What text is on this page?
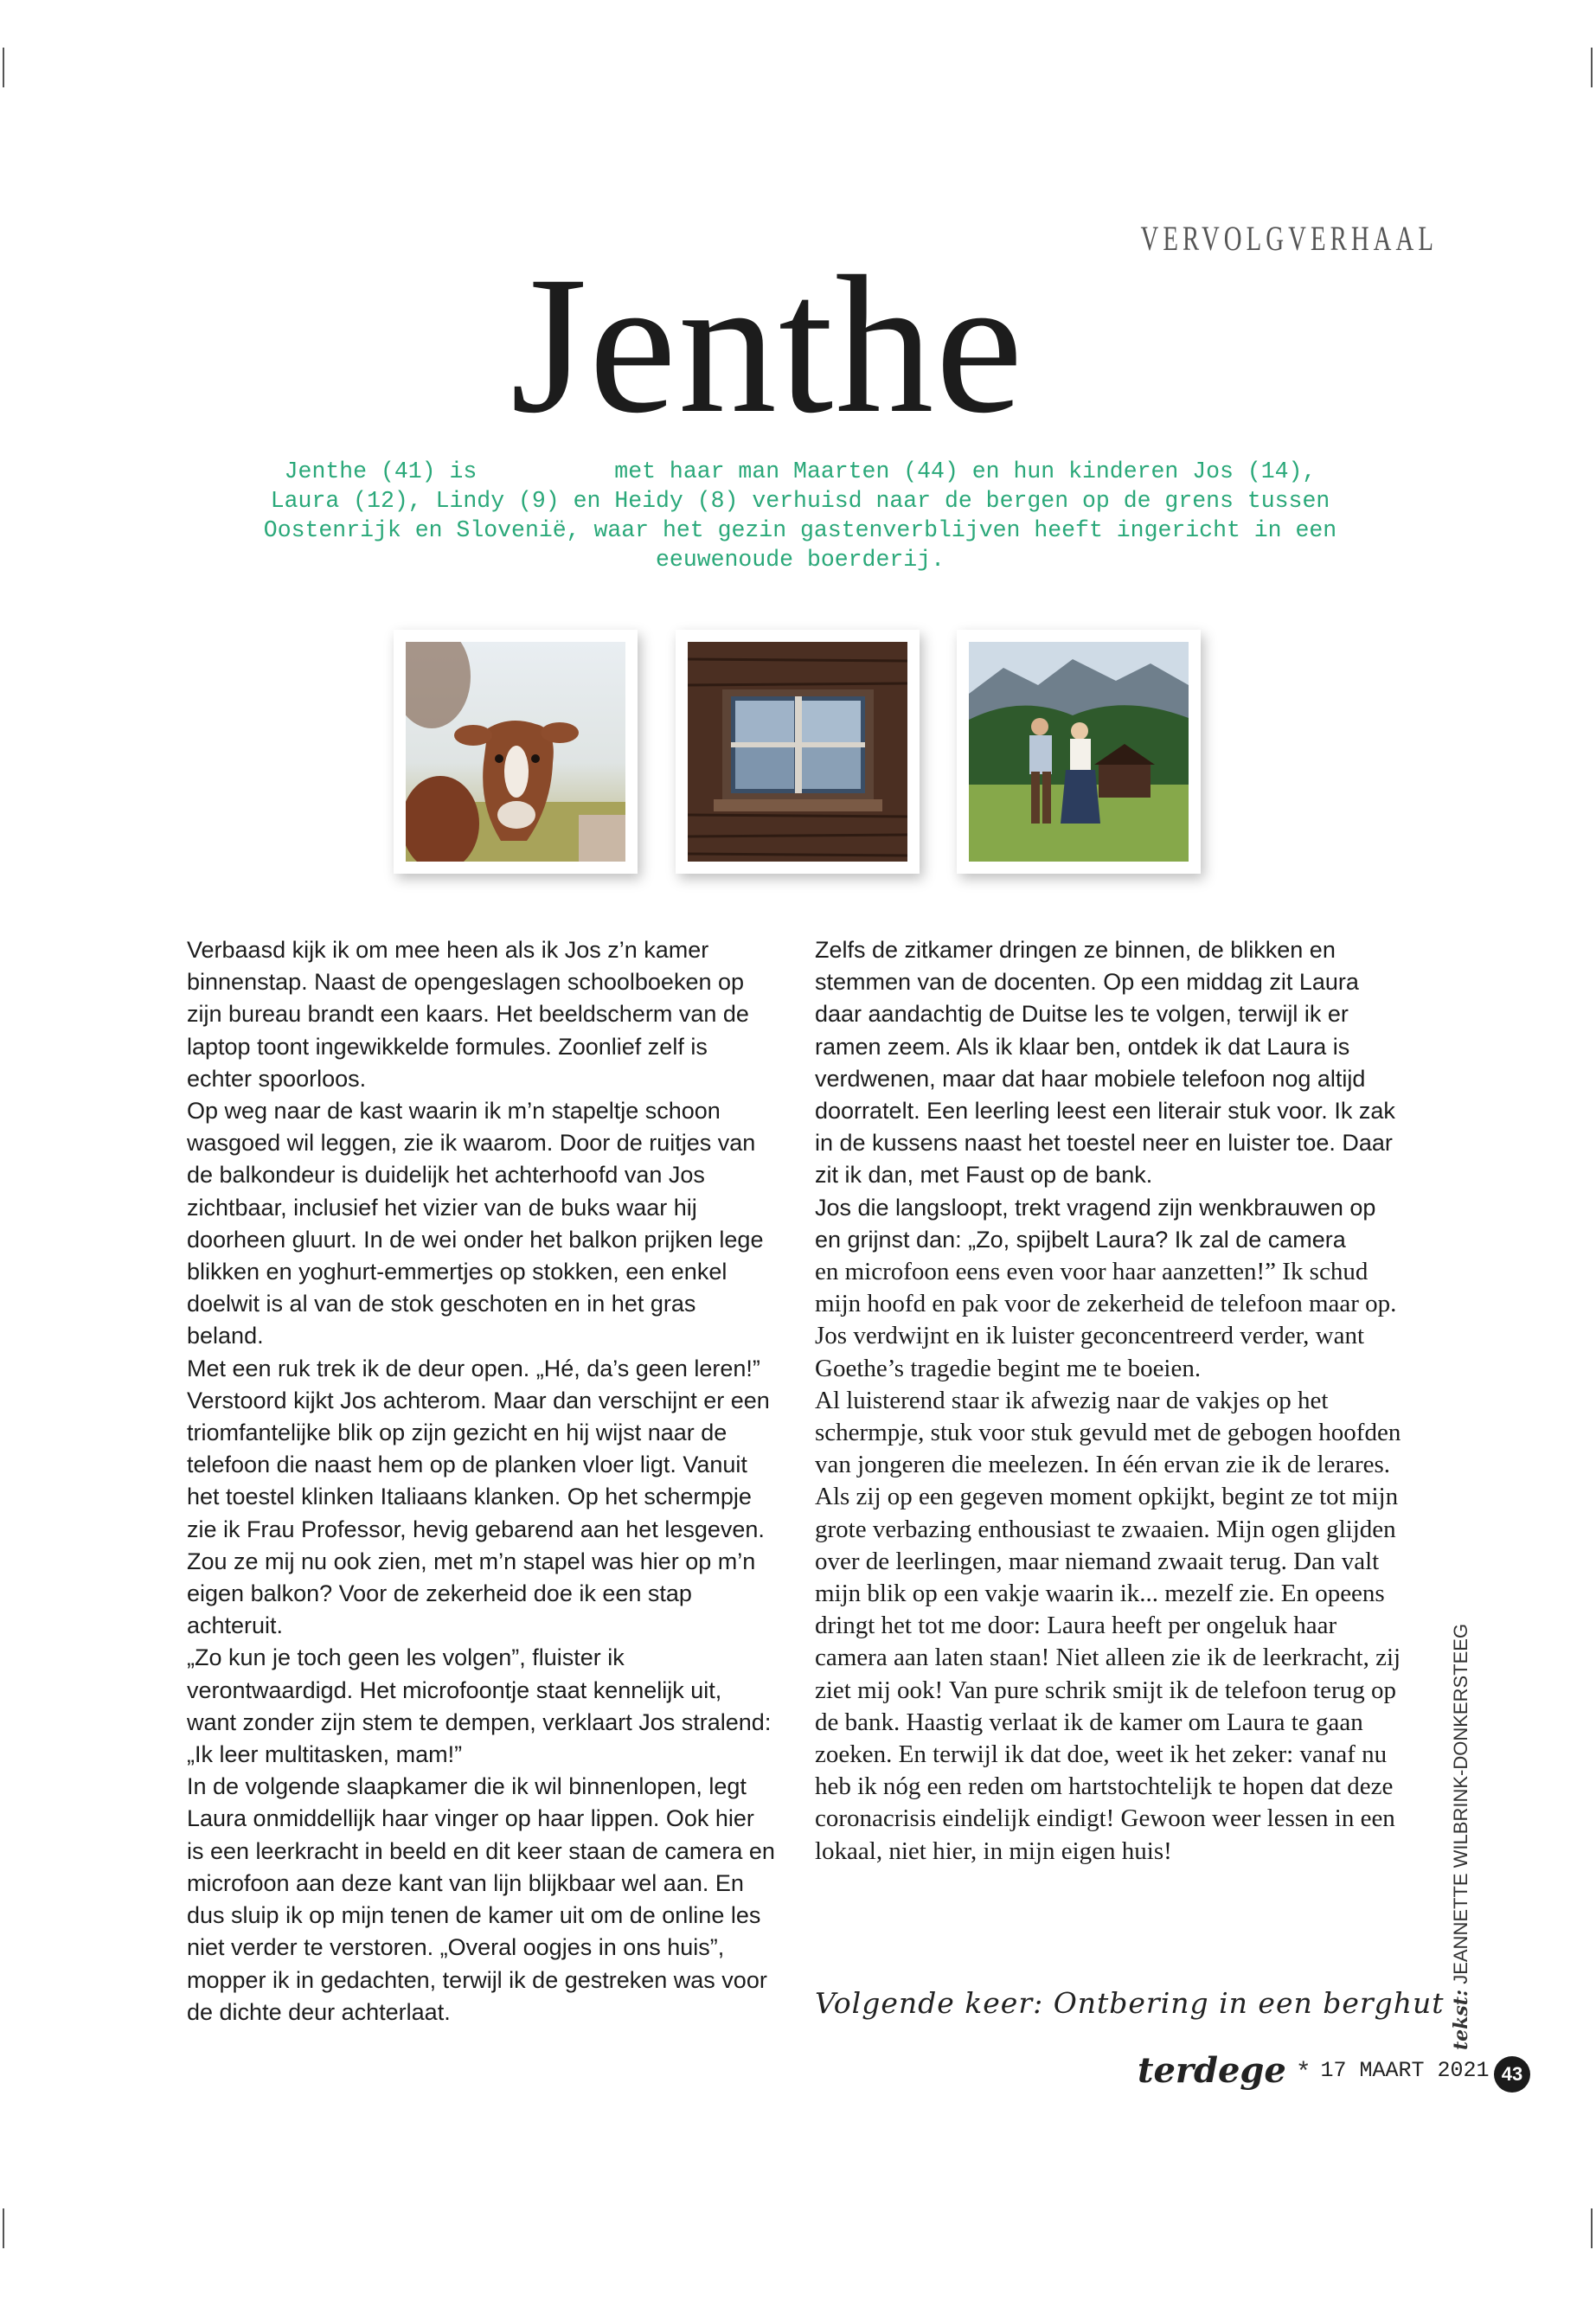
VERVOLGVERHAAL
Jenthe
Jenthe (41) is          met haar man Maarten (44) en hun kinderen Jos (14),
Laura (12), Lindy (9) en Heidy (8) verhuisd naar de bergen op de grens tussen
Oostenrijk en Slovenië, waar het gezin gastenverblijven heeft ingericht in een
eeuwenoude boerderij.

Verbaasd kijk ik om mee heen als ik Jos z’n kamer binnenstap. Naast de opengeslagen schoolboeken op zijn bureau brandt een kaars. Het beeldscherm van de laptop toont ingewikkelde formules. Zoonlief zelf is echter spoorloos.

Op weg naar de kast waarin ik m’n stapeltje schoon wasgoed wil leggen, zie ik waarom. Door de ruitjes van de balkondeur is duidelijk het achterhoofd van Jos zichtbaar, inclusief het vizier van de buks waar hij doorheen gluurt. In de wei onder het balkon prijken lege blikken en yoghurt-emmertjes op stokken, een enkel doelwit is al van de stok geschoten en in het gras beland.

Met een ruk trek ik de deur open. „Hé, da’s geen leren!” Verstoord kijkt Jos achterom. Maar dan verschijnt er een triomfantelijke blik op zijn gezicht en hij wijst naar de telefoon die naast hem op de planken vloer ligt. Vanuit het toestel klinken Italiaans klanken. Op het schermpje zie ik Frau Professor, hevig gebarend aan het lesgeven. Zou ze mij nu ook zien, met m’n stapel was hier op m’n eigen balkon? Voor de zekerheid doe ik een stap achteruit.

„Zo kun je toch geen les volgen”, fluister ik verontwaardigd. Het microfoontje staat kennelijk uit, want zonder zijn stem te dempen, verklaart Jos stralend: „Ik leer multitasken, mam!”

In de volgende slaapkamer die ik wil binnenlopen, legt Laura onmiddellijk haar vinger op haar lippen. Ook hier is een leerkracht in beeld en dit keer staan de camera en microfoon aan deze kant van lijn blijkbaar wel aan. En dus sluip ik op mijn tenen de kamer uit om de online les niet verder te verstoren. „Overal oogjes in ons huis”, mopper ik in gedachten, terwijl ik de gestreken was voor de dichte deur achterlaat.

Zelfs de zitkamer dringen ze binnen, de blikken en stemmen van de docenten. Op een middag zit Laura daar aandachtig de Duitse les te volgen, terwijl ik er ramen zeem. Als ik klaar ben, ontdek ik dat Laura is verdwenen, maar dat haar mobiele telefoon nog altijd doorratelt. Een leerling leest een literair stuk voor. Ik zak in de kussens naast het toestel neer en luister toe. Daar zit ik dan, met Faust op de bank.

Jos die langsloopt, trekt vragend zijn wenkbrauwen op en grijnst dan: „Zo, spijbelt Laura? Ik zal de camera

en microfoon eens even voor haar aanzetten!” Ik schud mijn hoofd en pak voor de zekerheid de telefoon maar op. Jos verdwijnt en ik luister geconcentreerd verder, want Goethe’s tragedie begint me te boeien.

Al luisterend staar ik afwezig naar de vakjes op het schermpje, stuk voor stuk gevuld met de gebogen hoofden van jongeren die meelezen. In één ervan zie ik de lerares. Als zij op een gegeven moment opkijkt, begint ze tot mijn grote verbazing enthousiast te zwaaien. Mijn ogen glijden over de leerlingen, maar niemand zwaait terug. Dan valt mijn blik op een vakje waarin ik... mezelf zie. En opeens dringt het tot me door: Laura heeft per ongeluk haar camera aan laten staan! Niet alleen zie ik de leerkracht, zij ziet mij ook! Van pure schrik smijt ik de telefoon terug op de bank. Haastig verlaat ik de kamer om Laura te gaan zoeken. En terwijl ik dat doe, weet ik het zeker: vanaf nu heb ik nóg een reden om hartstochtelijk te hopen dat deze coronacrisis eindelijk eindigt! Gewoon weer lessen in een lokaal, niet hier, in mijn eigen huis!

Volgende keer: Ontbering in een berghut tekst: JEANNETTE WILBRINK-DONKERSTEEG
terdege * 17 MAART 2021 43
